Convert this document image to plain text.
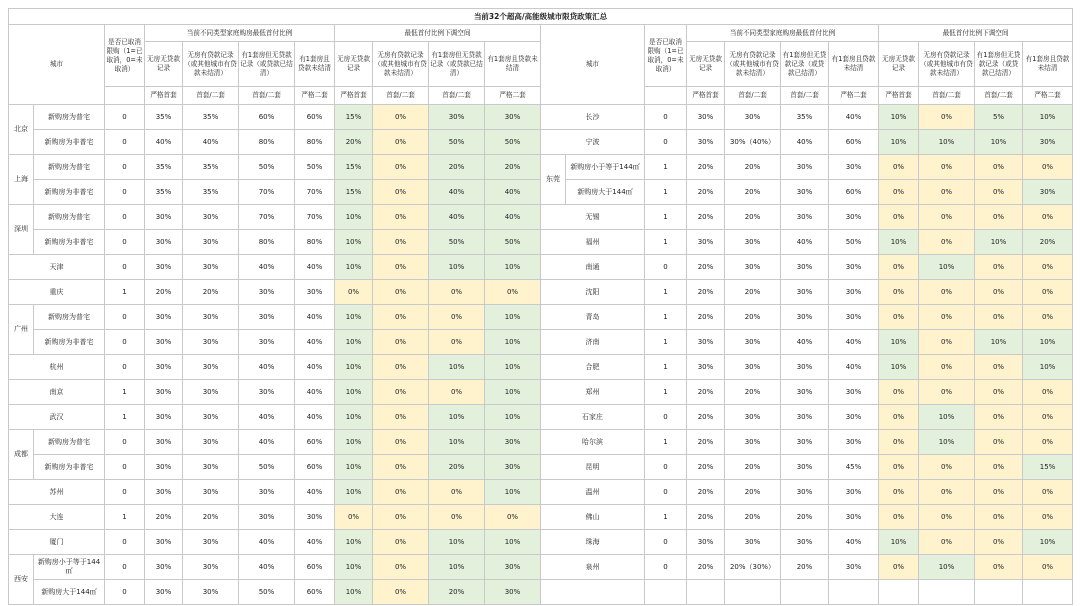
当前32个超高/高能级城市限贷政策汇总																					
城市		是否已取消限购（1=已取消，0=未取消）	当前不同类型家庭购房最低首付比例				最低首付比例下调空间				城市		是否已取消限购（1=已取消，0=未取消）	当前不同类型家庭购房最低首付比例				最低首付比例下调空间			
			无房无贷款记录	无房有贷款记录（或其他城市有贷款未结清）	有1套房但无贷款记录（或贷款已结清）	有1套房且贷款未结清	无房无贷款记录	无房有贷款记录（或其他城市有贷款未结清）	有1套房但无贷款记录（或贷款已结清）	有1套房且贷款未结清				无房无贷款记录	无房有贷款记录（或其他城市有贷款未结清）	有1套房但无贷款记录（或贷款已结清）	有1套房且贷款未结清	无房无贷款记录	无房有贷款记录（或其他城市有贷款未结清）	有1套房但无贷款记录（或贷款已结清）	有1套房且贷款未结清
			严格首套	首套/二套	首套/二套	严格二套	严格首套	首套/二套	首套/二套	严格二套				严格首套	首套/二套	首套/二套	严格二套	严格首套	首套/二套	首套/二套	严格二套
北京	新购房为普宅	0	35%	35%	60%	60%	15%	0%	30%	30%	长沙		0	30%	30%	35%	40%	10%	0%	5%	10%
	新购房为非普宅	0	40%	40%	80%	80%	20%	0%	50%	50%	宁波		0	30%	30%（40%）	40%	60%	10%	10%	10%	30%
上海	新购房为普宅	0	35%	35%	50%	50%	15%	0%	20%	20%	东莞	新购房小于等于144㎡	1	20%	20%	30%	30%	0%	0%	0%	0%
	新购房为非普宅	0	35%	35%	70%	70%	15%	0%	40%	40%		新购房大于144㎡	1	20%	20%	30%	60%	0%	0%	0%	30%
深圳	新购房为普宅	0	30%	30%	70%	70%	10%	0%	40%	40%	无锡		1	20%	20%	30%	30%	0%	0%	0%	0%
	新购房为非普宅	0	30%	30%	80%	80%	10%	0%	50%	50%	福州		1	30%	30%	40%	50%	10%	0%	10%	20%
天津		0	30%	30%	40%	40%	10%	0%	10%	10%	南通		0	20%	30%	30%	30%	0%	10%	0%	0%
重庆		1	20%	20%	30%	30%	0%	0%	0%	0%	沈阳		1	20%	20%	30%	30%	0%	0%	0%	0%
广州	新购房为普宅	0	30%	30%	30%	40%	10%	0%	0%	10%	青岛		1	20%	20%	30%	30%	0%	0%	0%	0%
	新购房为非普宅	0	30%	30%	30%	40%	10%	0%	0%	10%	济南		1	30%	30%	40%	40%	10%	0%	10%	10%
杭州		0	30%	30%	40%	40%	10%	0%	10%	10%	合肥		1	30%	30%	30%	40%	10%	0%	0%	10%
南京		1	30%	30%	30%	40%	10%	0%	0%	10%	郑州		1	20%	20%	30%	30%	0%	0%	0%	0%
武汉		1	30%	30%	40%	40%	10%	0%	10%	10%	石家庄		0	20%	30%	30%	30%	0%	10%	0%	0%
成都	新购房为普宅	0	30%	30%	40%	60%	10%	0%	10%	30%	哈尔滨		1	20%	30%	30%	30%	0%	10%	0%	0%
	新购房为非普宅	0	30%	30%	50%	60%	10%	0%	20%	30%	昆明		0	20%	20%	30%	45%	0%	0%	0%	15%
苏州		0	30%	30%	30%	40%	10%	0%	0%	10%	温州		0	20%	20%	30%	30%	0%	0%	0%	0%
大连		1	20%	20%	30%	30%	0%	0%	0%	0%	佛山		1	20%	20%	20%	30%	0%	0%	0%	0%
厦门		0	30%	30%	40%	40%	10%	0%	10%	10%	珠海		0	30%	30%	30%	40%	10%	0%	0%	10%
西安	新购房小于等于144㎡	0	30%	30%	40%	60%	10%	0%	10%	30%	泉州		0	20%	20%（30%）	20%	30%	0%	10%	0%	0%
	新购房大于144㎡	0	30%	30%	50%	60%	10%	0%	20%	30%											
